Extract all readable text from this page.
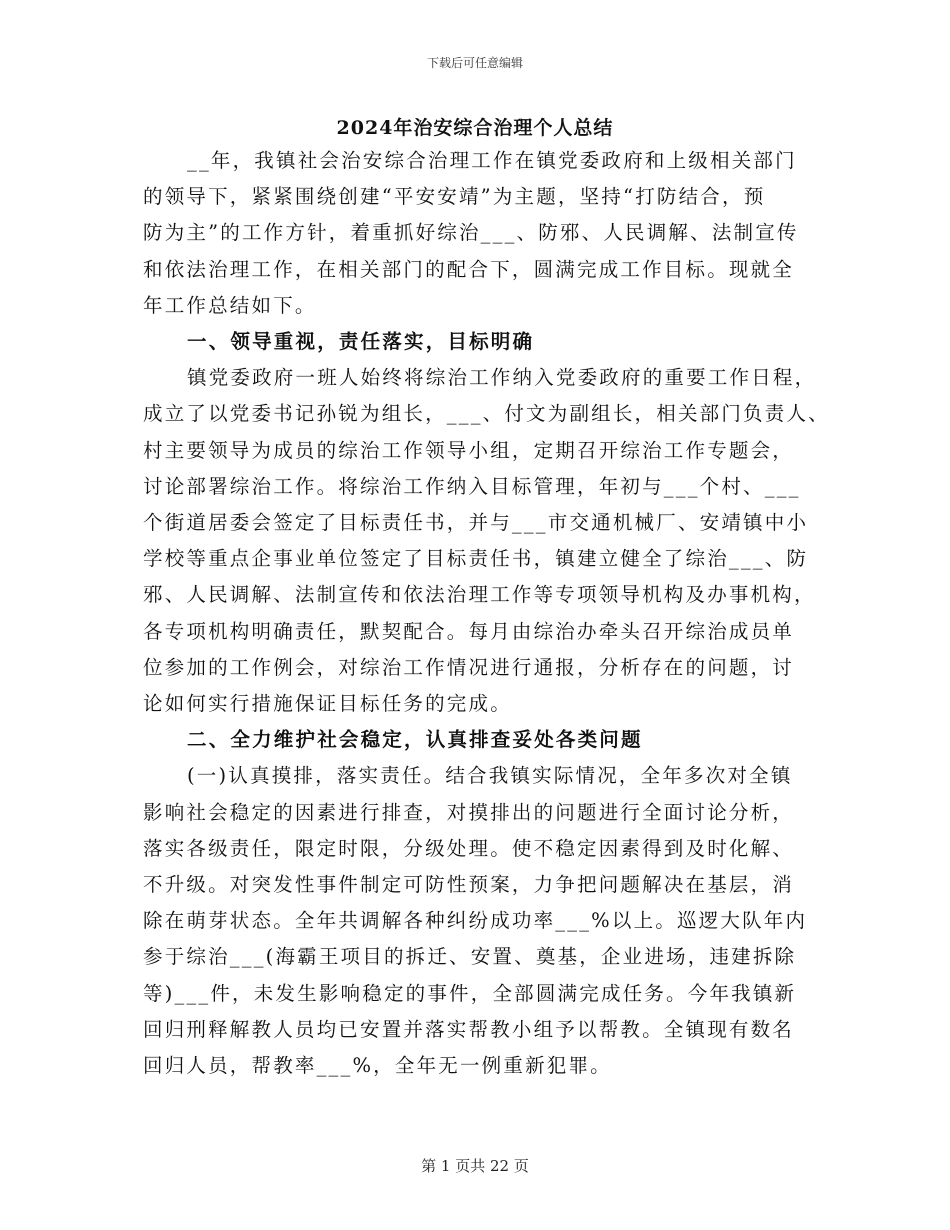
下载后可任意编辑
2024年治安综合治理个人总结
__年，我镇社会治安综合治理工作在镇党委政府和上级相关部门
的领导下，紧紧围绕创建“平安安靖”为主题，坚持“打防结合，预
防为主”的工作方针，着重抓好综治___、防邪、人民调解、法制宣传
和依法治理工作，在相关部门的配合下，圆满完成工作目标。现就全
年工作总结如下。
一、领导重视，责任落实，目标明确
镇党委政府一班人始终将综治工作纳入党委政府的重要工作日程，
成立了以党委书记孙锐为组长，___、付文为副组长，相关部门负责人、
村主要领导为成员的综治工作领导小组，定期召开综治工作专题会，
讨论部署综治工作。将综治工作纳入目标管理，年初与___个村、___
个街道居委会签定了目标责任书，并与___市交通机械厂、安靖镇中小
学校等重点企事业单位签定了目标责任书，镇建立健全了综治___、防
邪、人民调解、法制宣传和依法治理工作等专项领导机构及办事机构，
各专项机构明确责任，默契配合。每月由综治办牵头召开综治成员单
位参加的工作例会，对综治工作情况进行通报，分析存在的问题，讨
论如何实行措施保证目标任务的完成。
二、全力维护社会稳定，认真排查妥处各类问题
(一)认真摸排，落实责任。结合我镇实际情况，全年多次对全镇
影响社会稳定的因素进行排查，对摸排出的问题进行全面讨论分析，
落实各级责任，限定时限，分级处理。使不稳定因素得到及时化解、
不升级。对突发性事件制定可防性预案，力争把问题解决在基层，消
除在萌芽状态。全年共调解各种纠纷成功率___%以上。巡逻大队年内
参于综治___(海霸王项目的拆迁、安置、奠基，企业进场，违建拆除
等)___件，未发生影响稳定的事件，全部圆满完成任务。今年我镇新
回归刑释解教人员均已安置并落实帮教小组予以帮教。全镇现有数名
回归人员，帮教率___%，全年无一例重新犯罪。
第 1 页共 22 页
